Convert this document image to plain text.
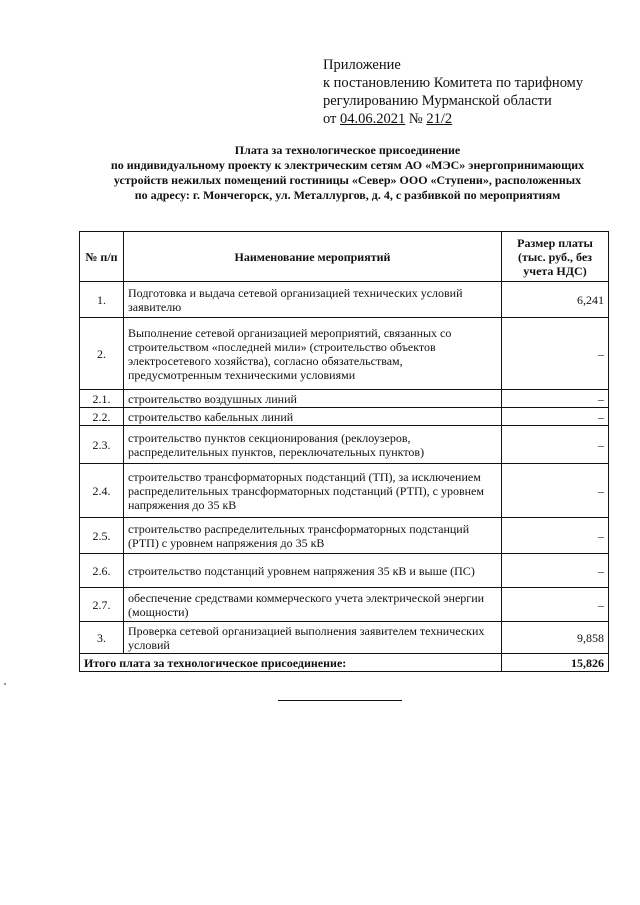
Приложение
к постановлению Комитета по тарифному
регулированию Мурманской области
от 04.06.2021 № 21/2
Плата за технологическое присоединение
по индивидуальному проекту к электрическим сетям АО «МЭС» энергопринимающих
устройств нежилых помещений гостиницы «Север» ООО «Ступени», расположенных
по адресу: г. Мончегорск, ул. Металлургов, д. 4, с разбивкой по мероприятиям
№ п/п	Наименование мероприятий	Размер платы (тыс. руб., без учета НДС)
1.	Подготовка и выдача сетевой организацией технических условий заявителю	6,241
2.	Выполнение сетевой организацией мероприятий, связанных со строительством «последней мили» (строительство объектов электросетевого хозяйства), согласно обязательствам, предусмотренным техническими условиями	–
2.1.	строительство воздушных линий	–
2.2.	строительство кабельных линий	–
2.3.	строительство пунктов секционирования (реклоузеров, распределительных пунктов, переключательных пунктов)	–
2.4.	строительство трансформаторных подстанций (ТП), за исключением распределительных трансформаторных подстанций (РТП), с уровнем напряжения до 35 кВ	–
2.5.	строительство распределительных трансформаторных подстанций (РТП) с уровнем напряжения до 35 кВ	–
2.6.	строительство подстанций уровнем напряжения 35 кВ и выше (ПС)	–
2.7.	обеспечение средствами коммерческого учета электрической энергии (мощности)	–
3.	Проверка сетевой организацией выполнения заявителем технических условий	9,858
Итого плата за технологическое присоединение:		15,826
